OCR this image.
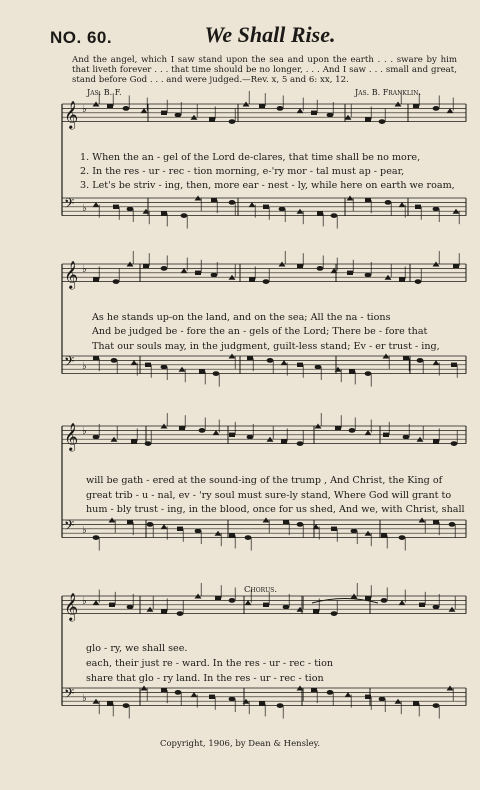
NO. 60.	We Shall Rise.
And the angel, which I saw stand upon the sea and upon the earth . . . sware by him that liveth forever . . . that time should be no longer, . . . And I saw . . . small and great, stand before God . . . and were judged.—Rev. x, 5 and 6: xx, 12.
Jas. B. F.	Jas. B. Franklin.
𝄞 ♭
𝄢 ♭
𝄞 ♭
𝄢 ♭
𝄞 ♭
𝄢 ♭
𝄞 ♭
𝄢 ♭
1. When the an - gel of the Lord de-clares, that time shall be no more,
2. In the res - ur - rec - tion morning, e-'ry mor - tal must ap - pear,
3. Let's be striv - ing, then, more ear - nest - ly, while here on earth we roam,
As he stands up-on the land, and on the sea; All the na - tions
And be judged be - fore the an - gels of the Lord; There be - fore that
That our souls may, in the judgment, guilt-less stand; Ev - er trust - ing,
will be gath - ered at the sound-ing of the trump , And Christ, the King of
great trib - u - nal, ev - 'ry soul must sure-ly stand, Where God will grant to
hum - bly trust - ing, in the blood, once for us shed, And we, with Christ, shall
Chorus.
glo - ry, we shall see.
each, their just re - ward. In the res - ur - rec - tion
share that glo - ry land. In the res - ur - rec - tion
Copyright, 1906, by Dean & Hensley.
